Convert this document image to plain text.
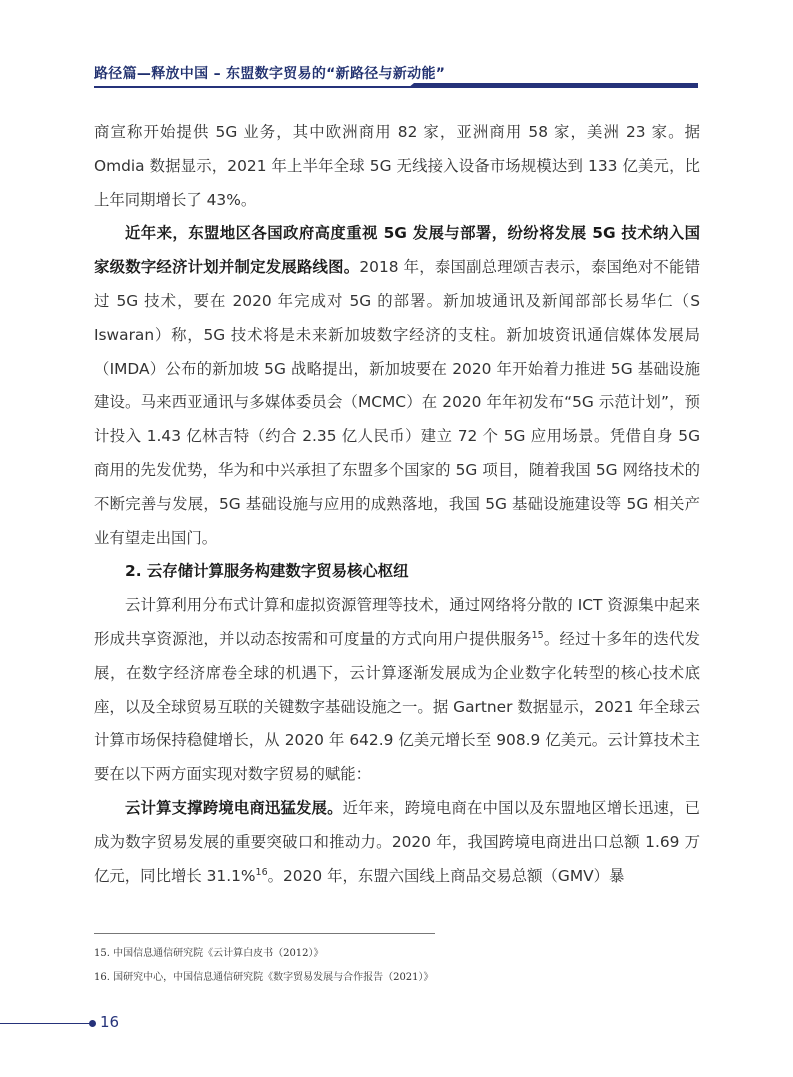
路径篇—释放中国 – 东盟数字贸易的“新路径与新动能”

商宣称开始提供 5G 业务，其中欧洲商用 82 家，亚洲商用 58 家，美洲 23 家。据 Omdia 数据显示，2021 年上半年全球 5G 无线接入设备市场规模达到 133 亿美元，比上年同期增长了 43%。

近年来，东盟地区各国政府高度重视 5G 发展与部署，纷纷将发展 5G 技术纳入国家级数字经济计划并制定发展路线图。2018 年，泰国副总理颂吉表示，泰国绝对不能错过 5G 技术，要在 2020 年完成对 5G 的部署。新加坡通讯及新闻部部长易华仁（S Iswaran）称，5G 技术将是未来新加坡数字经济的支柱。新加坡资讯通信媒体发展局（IMDA）公布的新加坡 5G 战略提出，新加坡要在 2020 年开始着力推进 5G 基础设施建设。马来西亚通讯与多媒体委员会（MCMC）在 2020 年年初发布“5G 示范计划”，预计投入 1.43 亿林吉特（约合 2.35 亿人民币）建立 72 个 5G 应用场景。凭借自身 5G 商用的先发优势，华为和中兴承担了东盟多个国家的 5G 项目，随着我国 5G 网络技术的不断完善与发展，5G 基础设施与应用的成熟落地，我国 5G 基础设施建设等 5G 相关产业有望走出国门。

2. 云存储计算服务构建数字贸易核心枢纽

云计算利用分布式计算和虚拟资源管理等技术，通过网络将分散的 ICT 资源集中起来形成共享资源池，并以动态按需和可度量的方式向用户提供服务$^{15}$。经过十多年的迭代发展，在数字经济席卷全球的机遇下，云计算逐渐发展成为企业数字化转型的核心技术底座，以及全球贸易互联的关键数字基础设施之一。据 Gartner 数据显示，2021 年全球云计算市场保持稳健增长，从 2020 年 642.9 亿美元增长至 908.9 亿美元。云计算技术主要在以下两方面实现对数字贸易的赋能：

云计算支撑跨境电商迅猛发展。近年来，跨境电商在中国以及东盟地区增长迅速，已成为数字贸易发展的重要突破口和推动力。2020 年，我国跨境电商进出口总额 1.69 万亿元，同比增长 31.1%$^{16}$。2020 年，东盟六国线上商品交易总额（GMV）暴

15. 中国信息通信研究院《云计算白皮书（2012）》
16. 国研究中心，中国信息通信研究院《数字贸易发展与合作报告（2021）》
16
